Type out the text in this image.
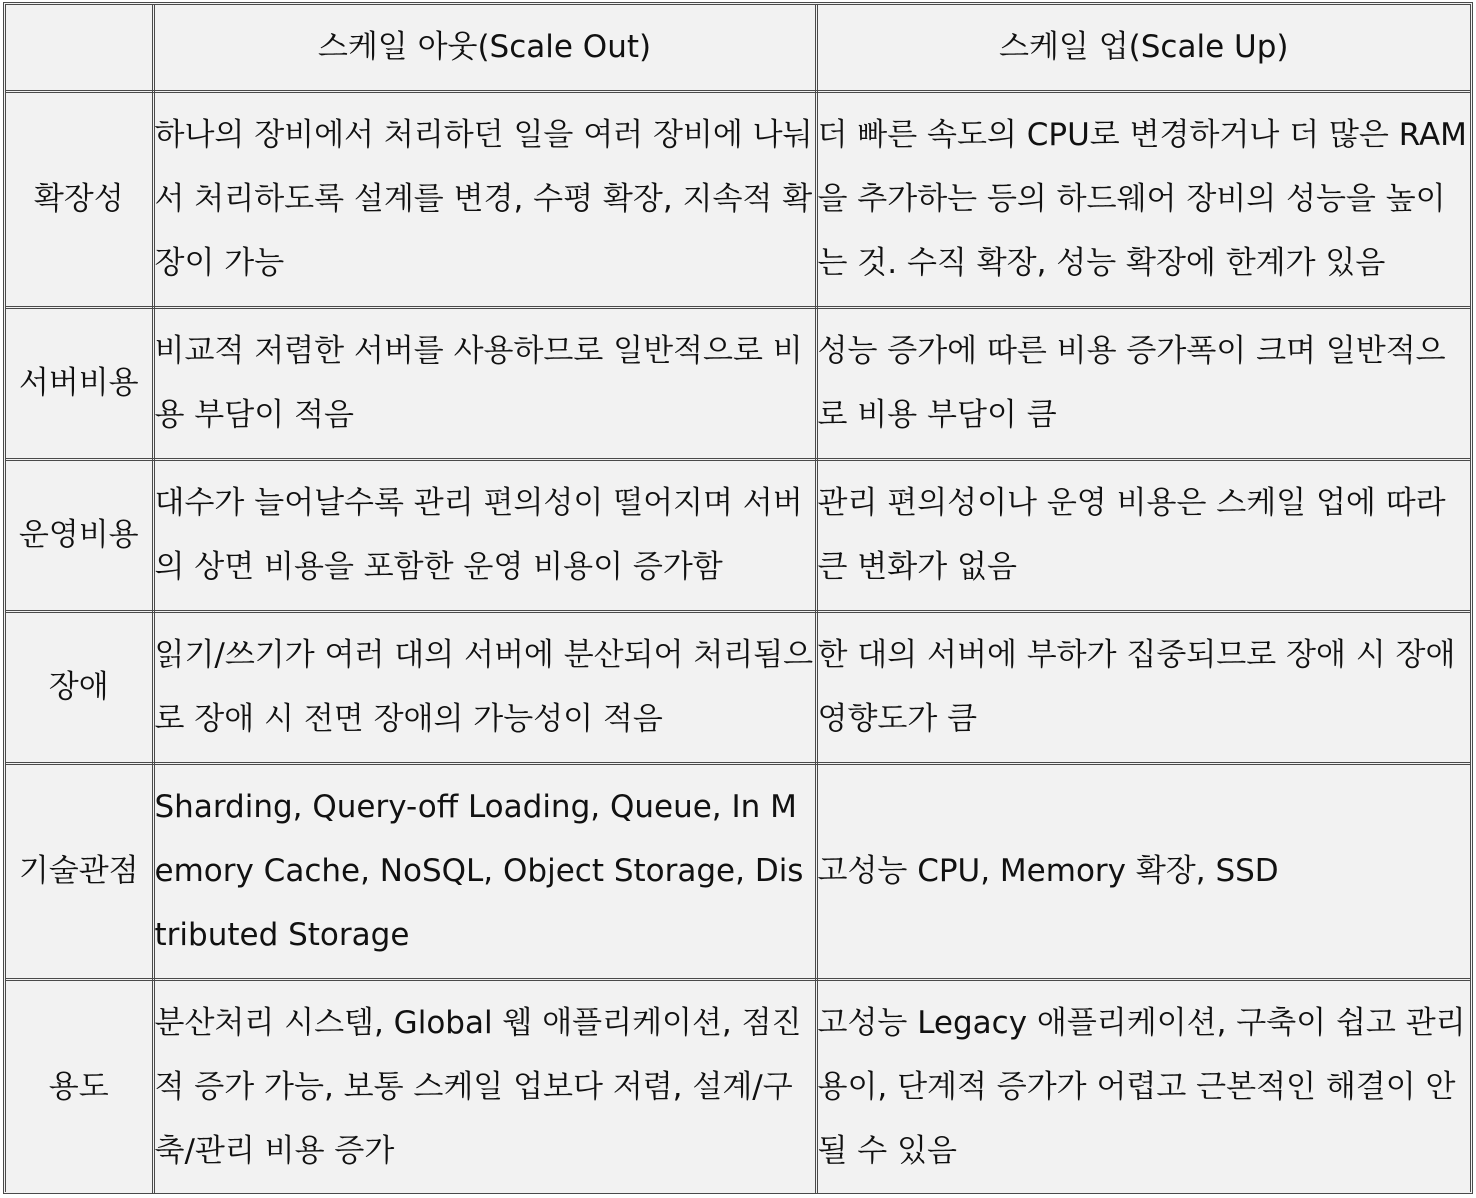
	스케일 아웃(Scale Out)	스케일 업(Scale Up)
확장성	하나의 장비에서 처리하던 일을 여러 장비에 나눠서 처리하도록 설계를 변경, 수평 확장, 지속적 확장이 가능	더 빠른 속도의 CPU로 변경하거나 더 많은 RAM을 추가하는 등의 하드웨어 장비의 성능을 높이는 것. 수직 확장, 성능 확장에 한계가 있음
서버비용	비교적 저렴한 서버를 사용하므로 일반적으로 비용 부담이 적음	성능 증가에 따른 비용 증가폭이 크며 일반적으로 비용 부담이 큼
운영비용	대수가 늘어날수록 관리 편의성이 떨어지며 서버의 상면 비용을 포함한 운영 비용이 증가함	관리 편의성이나 운영 비용은 스케일 업에 따라 큰 변화가 없음
장애	읽기/쓰기가 여러 대의 서버에 분산되어 처리됨으로 장애 시 전면 장애의 가능성이 적음	한 대의 서버에 부하가 집중되므로 장애 시 장애 영향도가 큼
기술관점	Sharding, Query-off Loading, Queue, In Memory Cache, NoSQL, Object Storage, Distributed Storage	고성능 CPU, Memory 확장, SSD
용도	분산처리 시스템, Global 웹 애플리케이션, 점진적 증가 가능, 보통 스케일 업보다 저렴, 설계/구축/관리 비용 증가	고성능 Legacy 애플리케이션, 구축이 쉽고 관리용이, 단계적 증가가 어렵고 근본적인 해결이 안 될 수 있음
